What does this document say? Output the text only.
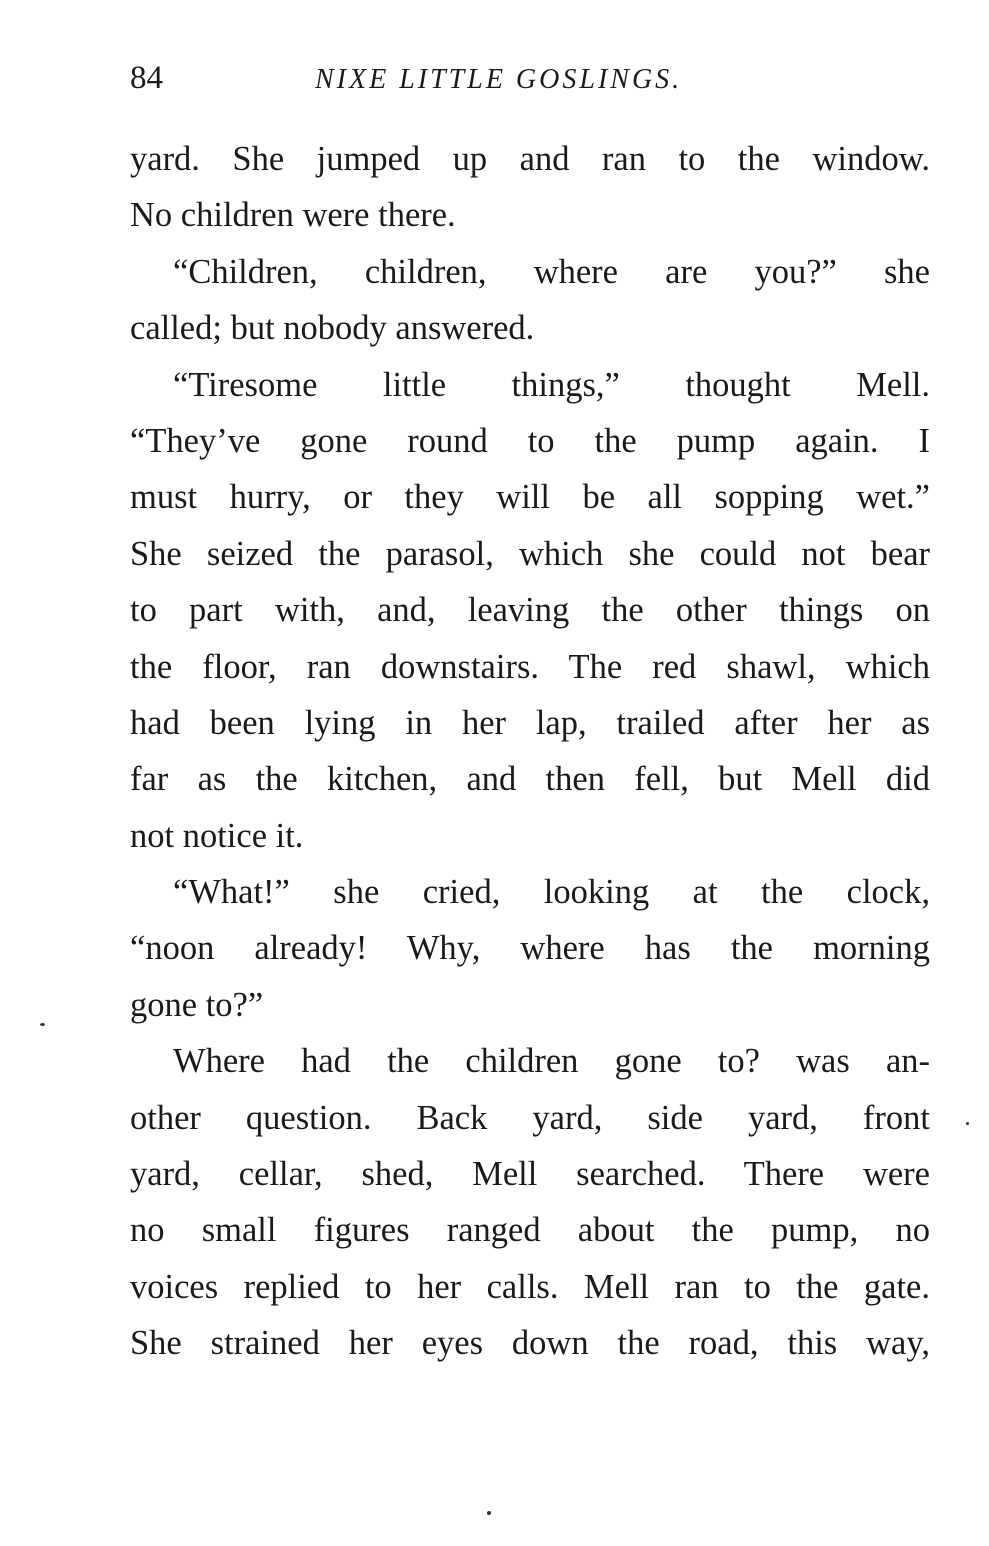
84	NIXE LITTLE GOSLINGS.
yard. She jumped up and ran to the window.
No children were there.
“Children, children, where are you?” she
called; but nobody answered.
“Tiresome little things,” thought Mell.
“They’ve gone round to the pump again. I
must hurry, or they will be all sopping wet.”
She seized the parasol, which she could not bear
to part with, and, leaving the other things on
the floor, ran downstairs. The red shawl, which
had been lying in her lap, trailed after her as
far as the kitchen, and then fell, but Mell did
not notice it.
“What!” she cried, looking at the clock,
“noon already! Why, where has the morning
gone to?”
Where had the children gone to? was an-
other question. Back yard, side yard, front
yard, cellar, shed, Mell searched. There were
no small figures ranged about the pump, no
voices replied to her calls. Mell ran to the gate.
She strained her eyes down the road, this way,
